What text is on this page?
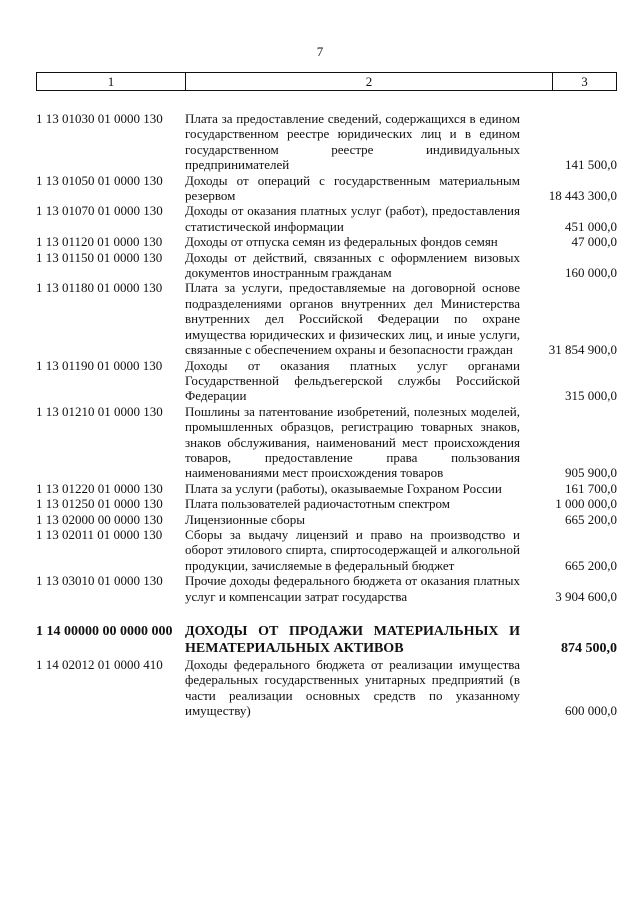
7
1	2	3
1 13 01030 01 0000 130	Плата за предоставление сведений, содержащихся в едином государственном реестре юридических лиц и в едином государственном реестре индивидуальных предпринимателей	141 500,0
1 13 01050 01 0000 130	Доходы от операций с государственным материальным резервом	18 443 300,0
1 13 01070 01 0000 130	Доходы от оказания платных услуг (работ), предоставления статистической информации	451 000,0
1 13 01120 01 0000 130	Доходы от отпуска семян из федеральных фондов семян	47 000,0
1 13 01150 01 0000 130	Доходы от действий, связанных с оформлением визовых документов иностранным гражданам	160 000,0
1 13 01180 01 0000 130	Плата за услуги, предоставляемые на договорной основе подразделениями органов внутренних дел Министерства внутренних дел Российской Федерации по охране имущества юридических и физических лиц, и иные услуги, связанные с обеспечением охраны и безопасности граждан	31 854 900,0
1 13 01190 01 0000 130	Доходы от оказания платных услуг органами Государственной фельдъегерской службы Российской Федерации	315 000,0
1 13 01210 01 0000 130	Пошлины за патентование изобретений, полезных моделей, промышленных образцов, регистрацию товарных знаков, знаков обслуживания, наименований мест происхождения товаров, предоставление права пользования наименованиями мест происхождения товаров	905 900,0
1 13 01220 01 0000 130	Плата за услуги (работы), оказываемые Гохраном России	161 700,0
1 13 01250 01 0000 130	Плата пользователей радиочастотным спектром	1 000 000,0
1 13 02000 00 0000 130	Лицензионные сборы	665 200,0
1 13 02011 01 0000 130	Сборы за выдачу лицензий и право на производство и оборот этилового спирта, спиртосодержащей и алкогольной продукции, зачисляемые в федеральный бюджет	665 200,0
1 13 03010 01 0000 130	Прочие доходы федерального бюджета от оказания платных услуг и компенсации затрат государства	3 904 600,0
1 14 00000 00 0000 000 ДОХОДЫ ОТ ПРОДАЖИ МАТЕРИАЛЬНЫХ И НЕМАТЕРИАЛЬНЫХ АКТИВОВ	874 500,0
1 14 02012 01 0000 410	Доходы федерального бюджета от реализации имущества федеральных государственных унитарных предприятий (в части реализации основных средств по указанному имуществу)	600 000,0
